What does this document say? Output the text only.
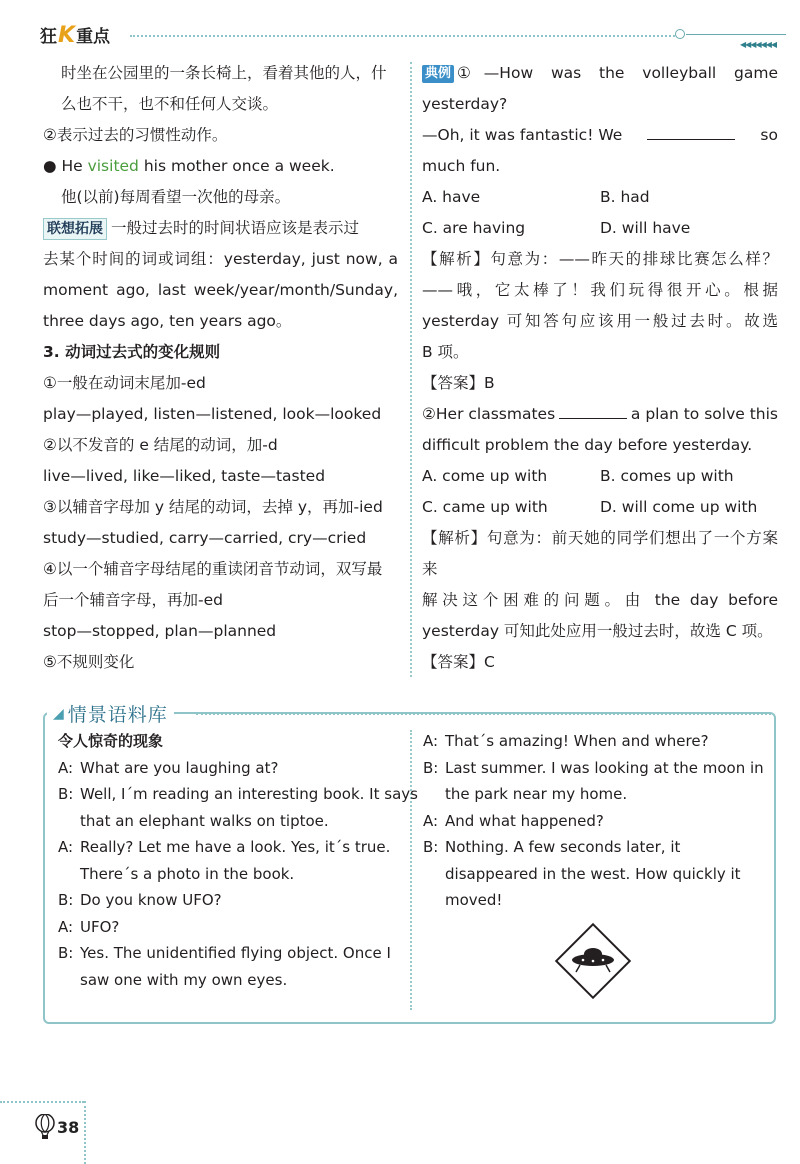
狂K重点	◀◀◀◀◀◀◀
时坐在公园里的一条长椅上，看着其他的人，什
么也不干，也不和任何人交谈。
②表示过去的习惯性动作。
● He visited his mother once a week.
他(以前)每周看望一次他的母亲。
联想拓展 一般过去时的时间状语应该是表示过
去某个时间的词或词组：yesterday, just now, a
moment ago, last week/year/month/Sunday,
three days ago, ten years ago。
3. 动词过去式的变化规则
①一般在动词末尾加-ed
play—played, listen—listened, look—looked
②以不发音的 e 结尾的动词，加-d
live—lived, like—liked, taste—tasted
③以辅音字母加 y 结尾的动词，去掉 y，再加-ied
study—studied, carry—carried, cry—cried
④以一个辅音字母结尾的重读闭音节动词，双写最
后一个辅音字母，再加-ed
stop—stopped, plan—planned
⑤不规则变化
典例 ①—How was the volleyball game
yesterday?
—Oh, it was fantastic! We	so
much fun.
A. have	B. had
C. are having	D. will have
【解析】句意为：——昨天的排球比赛怎么样？
——哦，它太棒了！我们玩得很开心。根据
yesterday 可知答句应该用一般过去时。故选
B 项。
【答案】B
②Her classmates	a plan to solve this
difficult problem the day before yesterday.
A. come up with	B. comes up with
C. came up with	D. will come up with
【解析】句意为：前天她的同学们想出了一个方案来
解决这个困难的问题。由 the day before
yesterday 可知此处应用一般过去时，故选 C 项。
【答案】C
◢ 情景语料库
令人惊奇的现象
A: What are you laughing at?
B: Well, I´m reading an interesting book. It says
that an elephant walks on tiptoe.
A: Really? Let me have a look. Yes, it´s true.
There´s a photo in the book.
B: Do you know UFO?
A: UFO?
B: Yes. The unidentified flying object. Once I
saw one with my own eyes.
A: That´s amazing! When and where?
B: Last summer. I was looking at the moon in
the park near my home.
A: And what happened?
B: Nothing. A few seconds later, it
disappeared in the west. How quickly it
moved!
38
